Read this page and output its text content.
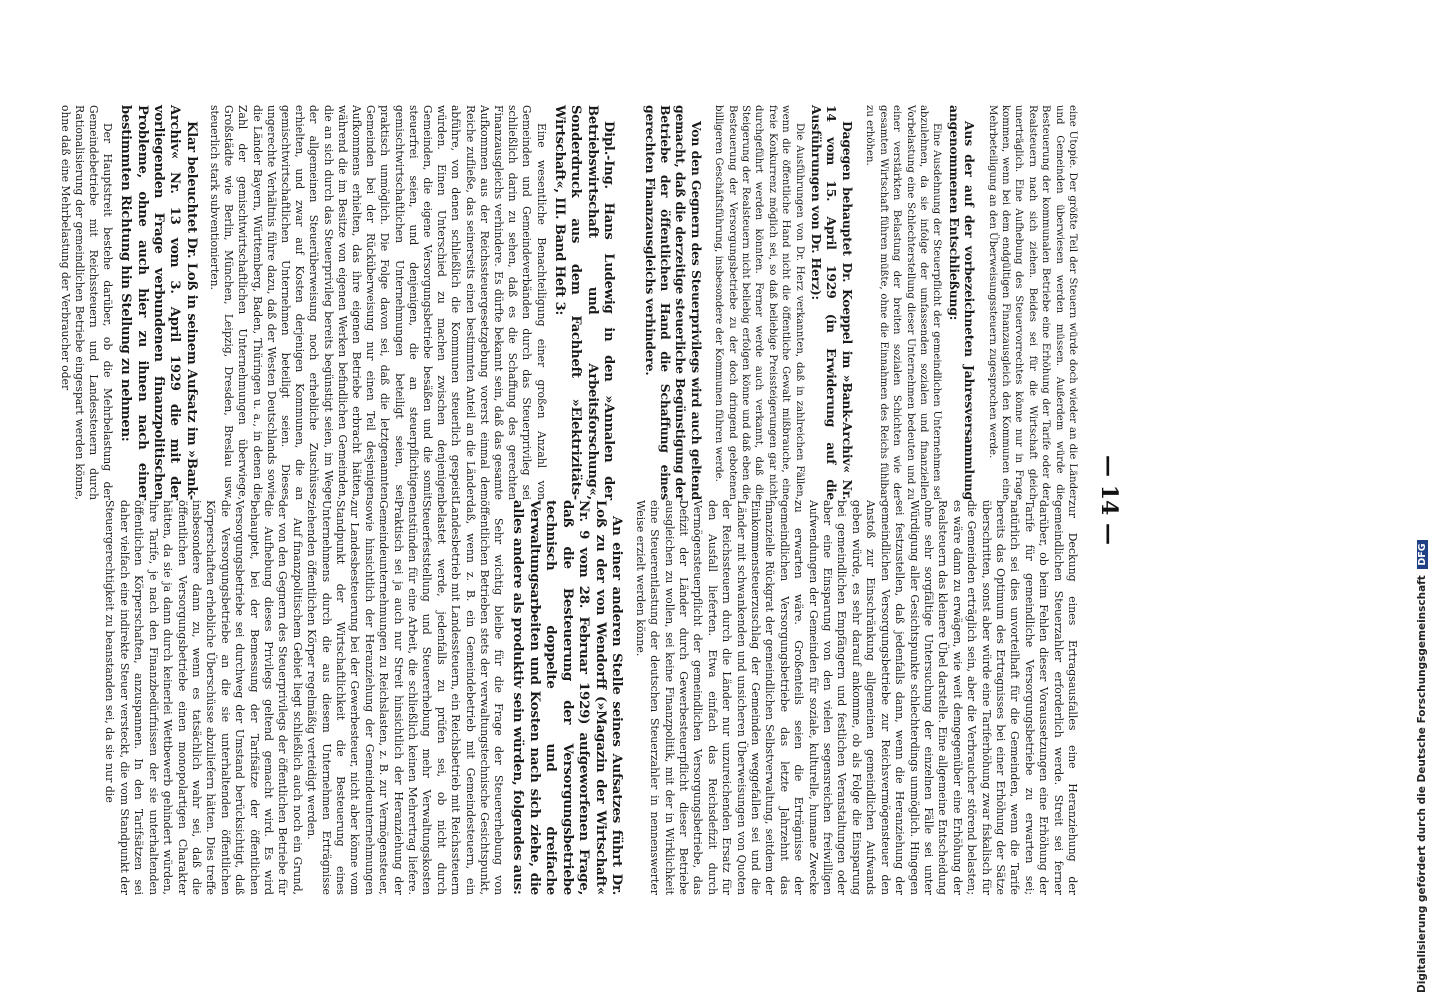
— 14 —

eine Utopie. Der größte Teil der Steuern würde doch wieder an die Länder und Gemeinden überwiesen werden müssen. Außerdem würde die Besteuerung der kommunalen Betriebe eine Erhöhung der Tarife oder der Realsteuern nach sich ziehen. Beides sei für die Wirtschaft gleich unerträglich. Eine Aufhebung des Steuervorrechtes könne nur in Frage kommen, wenn bei dem endgültigen Finanzausgleich den Kommunen eine Mehrbeteiligung an den Überweisungssteuern zugesprochen werde.

Aus der auf der vorbezeichneten Jahresversammlung angenommenen Entschließung:

Eine Ausdehnung der Steuerpflicht der gemeindlichen Unternehmen sei abzulehnen, da sie infolge der umfassenden sozialen und finanziellen Vorbelastung eine Schlechterstellung dieser Unternehmen bedeuten und zu einer verstärkten Belastung der breiten sozialen Schichten wie der gesamten Wirtschaft führen müßte, ohne die Einnahmen des Reichs fühlbar zu erhöhen.

Dagegen behauptet Dr. Koeppel im »Bank-Archiv« Nr. 14 vom 15. April 1929 (in Erwiderung auf die Ausführungen von Dr. Herz):

Die Ausführungen von Dr. Herz verkannten, daß in zahlreichen Fällen, wenn die öffentliche Hand nicht die öffentliche Gewalt mißbrauche, eine freie Konkurrenz möglich sei, so daß beliebige Preissteigerungen gar nicht durchgeführt werden könnten. Ferner werde auch verkannt, daß die Steigerung der Realsteuern nicht beliebig erfolgen könne und daß eben die Besteuerung der Versorgungsbetriebe zu der doch dringend gebotenen billigeren Geschäftsführung, insbesondere der Kommunen führen werde.

Von den Gegnern des Steuerprivilegs wird auch geltend gemacht, daß die derzeitige steuerliche Begünstigung der Betriebe der öffentlichen Hand die Schaffung eines gerechten Finanzausgleichs verhindere.

zur Deckung eines Ertragsausfalles eine Heranziehung der gemeindlichen Steuerzahler erforderlich werde. Streit sei ferner darüber, ob beim Fehlen dieser Voraussetzungen eine Erhöhung der Tarife für gemeindliche Versorgungsbetriebe zu erwarten sei; natürlich sei dies unvorteilhaft für die Gemeinden, wenn die Tarife bereits das Optimum des Ertragnisses bei einer Erhöhung der Sätze überschritten, sonst aber würde eine Tariferhöhung zwar fiskalisch für die Gemeinden erträglich sein, aber die Verbraucher störend belasten; es wäre dann zu erwägen, wie weit demgegenüber eine Erhöhung der Realsteuern das kleinere Übel darstelle. Eine allgemeine Entscheidung ohne sehr sorgfältige Untersuchung der einzelnen Fälle sei unter Würdigung aller Gesichtspunkte schlechterdings unmöglich. Hingegen sei festzustellen, daß jedenfalls dann, wenn die Heranziehung der gemeindlichen Versorgungsbetriebe zur Reichsvermögensteuer den Anstoß zur Einschränkung allgemeinen gemeindlichen Aufwands geben würde, es sehr darauf ankomme, ob als Folge die Einsparung bei gemeindlichen Empfängern und festlichen Veranstaltungen oder aber eine Einsparung von den vielen segensreichen freiwilligen Aufwendungen der Gemeinden für soziale, kulturelle, humane Zwecke zu erwarten wäre. Großenteils seien die Erträgnisse der gemeindlichen Versorgungsbetriebe das letzte Jahrzehnt das finanzielle Rückgrat der gemeindlichen Selbstverwaltung, seitdem der Einkommensteuerzuschlag der Gemeinden weggefallen sei und die Länder mit schwankenden und unsicheren Überweisungen von Quoten der Reichssteuern durch die Länder nur unzureichenden Ersatz für den Ausfall lieferten. Etwa einfach das Reichsdefizit durch Vermögensteuerpflicht der gemeindlichen Versorgungsbetriebe, das Defizit der Länder durch Gewerbesteuerpflicht dieser Betriebe ausgleichen zu wollen, sei keine Finanzpolitik, mit der in Wirklichkeit eine Steuerentlastung der deutschen Steuerzahler in nennenswerter Weise erzielt werden könne.

An einer anderen Stelle seines Aufsatzes führt Dr. Loß zu der von Wendorff (»Magazin der Wirtschaft« Nr. 9 vom 28. Februar 1929) aufgeworfenen Frage, daß die Besteuerung der Versorgungsbetriebe technisch doppelte und dreifache Verwaltungsarbeiten und Kosten nach sich ziehe, die alles andere als produktiv sein würden, folgendes aus:

Sehr wichtig bleibe für die Frage der Steuererhebung von öffentlichen Betrieben stets der verwaltungstechnische Gesichtspunkt, daß, wenn z. B. ein Gemeindebetrieb mit Gemeindesteuern, ein Landesbetrieb mit Landessteuern, ein Reichsbetrieb mit Reichssteuern belastet werde, jedenfalls zu prüfen sei, ob nicht durch Steuerfeststellung und Steuererhebung mehr Verwaltungskosten entstünden für eine Arbeit, die schließlich keinen Mehrertrag liefere. Praktisch sei ja auch nur Streit hinsichtlich der Heranziehung der Gemeindeunternehmungen zu Reichslasten, z. B. zur Vermögensteuer, sowie hinsichtlich der Heranziehung der Gemeindeunternehmungen zur Landesbesteuerung bei der Gewerbesteuer, nicht aber könne vom Standpunkt der Wirtschaftlichkeit die Besteuerung eines Unternehmens durch die aus diesem Unternehmen Erträgnisse ziehenden öffentlichen Körper regelmäßig verteidigt werden.

Auf finanzpolitischem Gebiet liegt schließlich auch noch ein Grund, der von den Gegnern des Steuerprivilegs der öffentlichen Betriebe für die Aufhebung dieses Privilegs geltend gemacht wird. Es wird behauptet, bei der Bemessung der Tarifsätze der öffentlichen Versorgungsbetriebe sei durchweg der Umstand berücksichtigt, daß die Versorgungsbetriebe an die sie unterhaltenden öffentlichen Körperschaften erhebliche Überschüsse abzuliefern hätten. Dies treffe insbesondere dann zu, wenn es tatsächlich wahr sei, daß die öffentlichen Versorgungsbetriebe einen monopolartigen Charakter hätten, da sie ja dann durch keinerlei Wettbewerb gehindert würden, ihre Tarife, je nach den Finanzbedürfnissen der sie unterhaltenden öffentlichen Körperschaften, anzuspannen. In den Tarifsätzen sei daher vielfach eine indirekte Steuer versteckt, die vom Standpunkt der Steuergerechtigkeit zu beanstanden sei, da sie nur die

Dipl.-Ing. Hans Ludewig in den »Annalen der Betriebswirtschaft und Arbeitsforschung«, Sonderdruck aus dem Fachheft »Elektrizitäts-Wirtschaft«, III. Band Heft 3:

Eine wesentliche Benachteiligung einer großen Anzahl von Gemeinden und Gemeindeverbänden durch das Steuerprivileg sei schließlich darin zu sehen, daß es die Schaffung des gerechten Finanzausgleichs verhindere. Es dürfte bekannt sein, daß das gesamte Aufkommen aus der Reichssteuergesetzgebung vorerst einmal dem Reiche zufließe, das seinerseits einen bestimmten Anteil an die Länder abführe, von denen schließlich die Kommunen steuerlich gespeist würden. Einen Unterschied zu machen zwischen denjenigen Gemeinden, die eigene Versorgungsbetriebe besäßen und die somit steuerfrei seien, und denjenigen, die an steuerpflichtigen gemischtwirtschaftlichen Unternehmungen beteiligt seien, sei praktisch unmöglich. Die Folge davon sei, daß die letztgenannten Gemeinden bei der Rücküberweisung nur einen Teil desjenigen Aufkommens erhielten, das ihre eigenen Betriebe erbracht hätten, während die im Besitze von eigenen Werken befindlichen Gemeinden, die an sich durch das Steuerprivileg bereits begünstigt seien, im Wege der allgemeinen Steuerüberweisung noch erhebliche Zuschüsse erhielten, und zwar auf Kosten derjenigen Kommunen, die an gemischtwirtschaftlichen Unternehmen beteiligt seien. Dieses ungerechte Verhältnis führe dazu, daß der Westen Deutschlands sowie die Länder Bayern, Württemberg, Baden, Thüringen u. a., in denen die Zahl der gemischtwirtschaftlichen Unternehmungen überwiege, Großstädte wie Berlin, München, Leipzig, Dresden, Breslau usw. steuerlich stark subventionierten.

Klar beleuchtet Dr. Loß in seinem Aufsatz im »Bank-Archiv« Nr. 13 vom 3. April 1929 die mit der vorliegenden Frage verbundenen finanzpolitischen Probleme, ohne auch hier zu ihnen nach einer bestimmten Richtung hin Stellung zu nehmen:

Der Hauptstreit bestehe darüber, ob die Mehrbelastung der Gemeindebetriebe mit Reichssteuern und Landessteuern durch Rationalisierung der gemeindlichen Betriebe eingespart werden könne, ohne daß eine Mehrbelastung der Verbraucher oder

Digitalisierung gefördert durch die Deutsche Forschungsgemeinschaft DFG
